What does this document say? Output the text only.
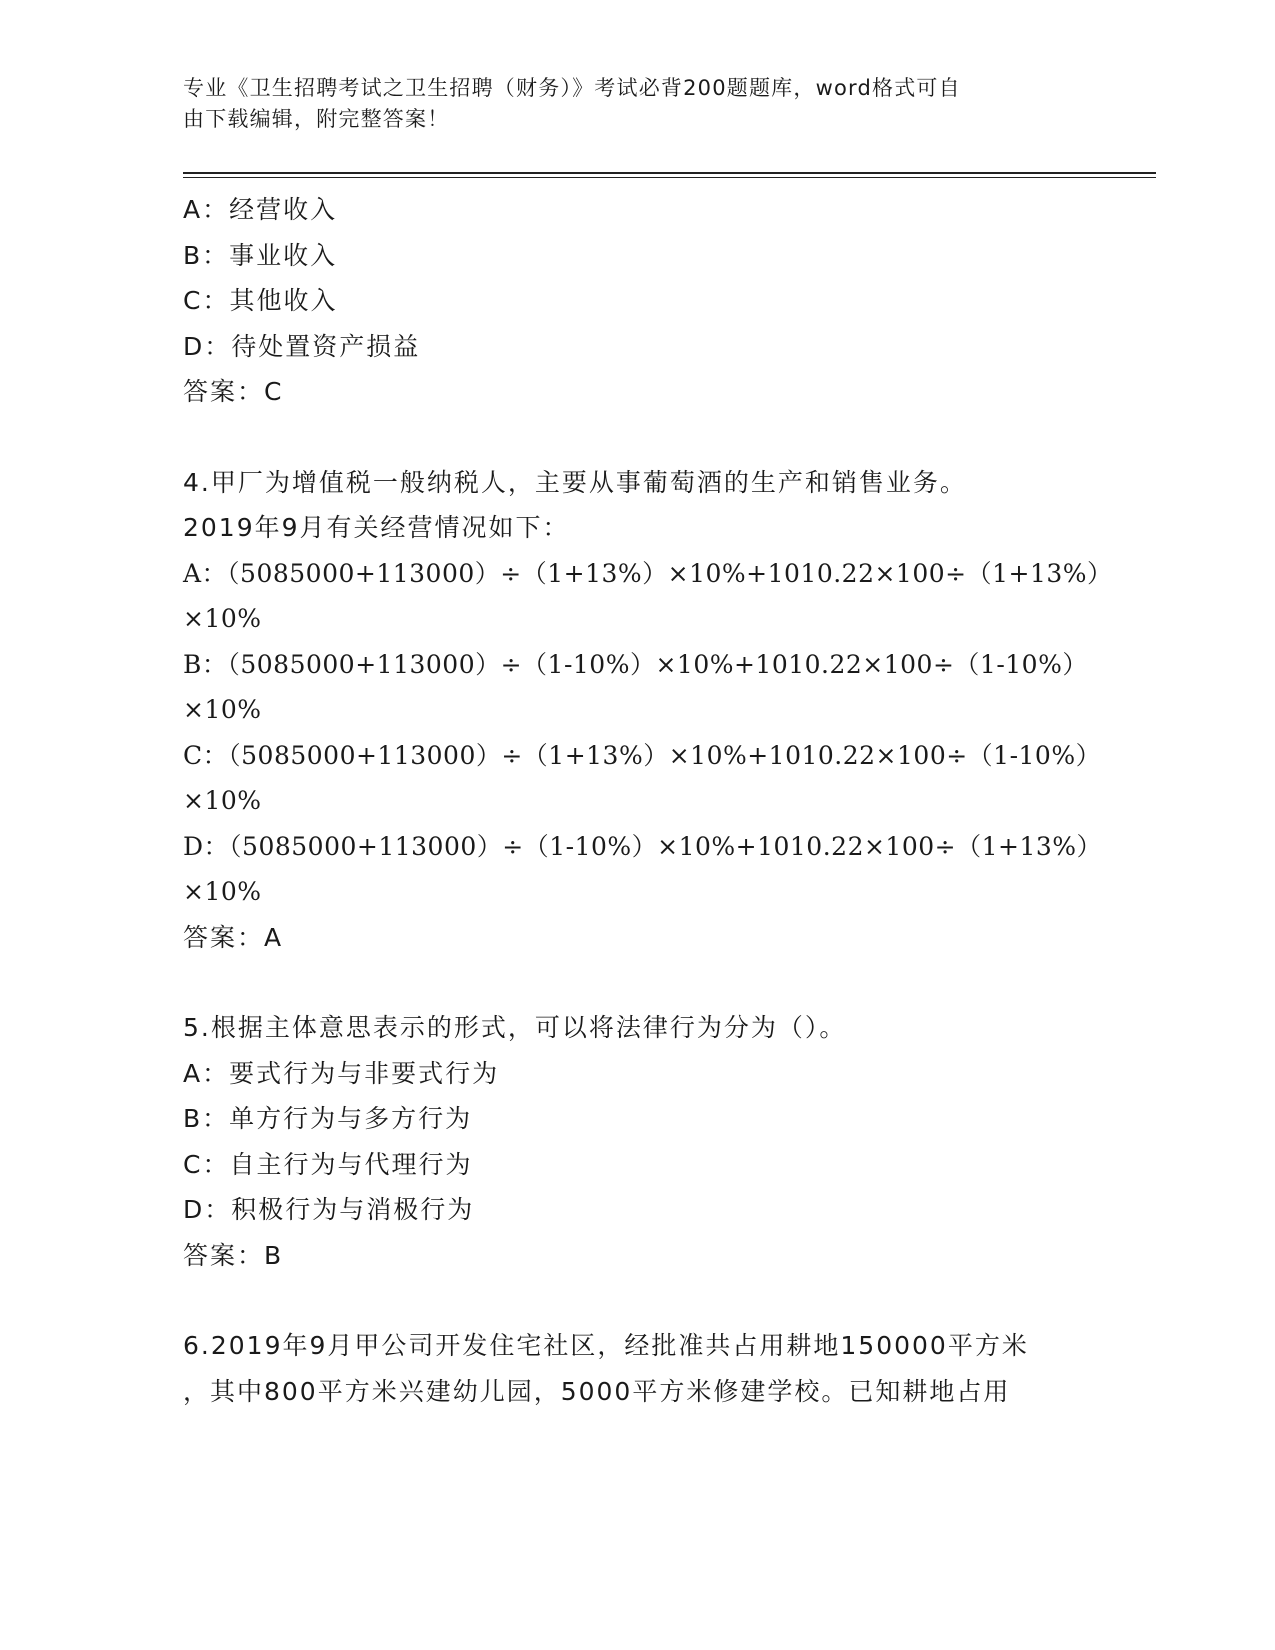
专业《卫生招聘考试之卫生招聘（财务）》考试必背200题题库，word格式可自
由下载编辑，附完整答案！
A：经营收入
B：事业收入
C：其他收入
D：待处置资产损益
答案：C
4.甲厂为增值税一般纳税人，主要从事葡萄酒的生产和销售业务。
2019年9月有关经营情况如下：
A：（5085000+113000）÷（1+13%）×10%+1010.22×100÷（1+13%）
×10%
B：（5085000+113000）÷（1-10%）×10%+1010.22×100÷（1-10%）
×10%
C：（5085000+113000）÷（1+13%）×10%+1010.22×100÷（1-10%）
×10%
D：（5085000+113000）÷（1-10%）×10%+1010.22×100÷（1+13%）
×10%
答案：A
5.根据主体意思表示的形式，可以将法律行为分为（）。
A：要式行为与非要式行为
B：单方行为与多方行为
C：自主行为与代理行为
D：积极行为与消极行为
答案：B
6.2019年9月甲公司开发住宅社区，经批准共占用耕地150000平方米
，其中800平方米兴建幼儿园，5000平方米修建学校。已知耕地占用
